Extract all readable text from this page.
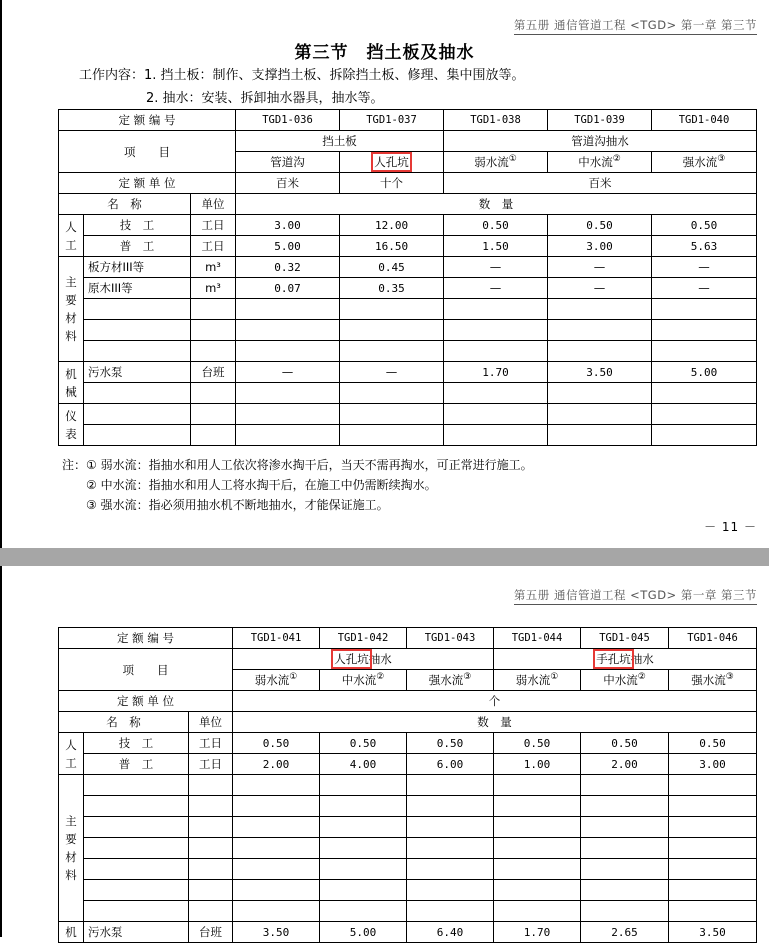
第五册 通信管道工程 <TGD> 第一章 第三节
第三节　挡土板及抽水
工作内容：1. 挡土板：制作、支撑挡土板、拆除挡土板、修理、集中围放等。
2. 抽水：安装、拆卸抽水器具，抽水等。
定 额 编 号			TGD1-036	TGD1-037	TGD1-038	TGD1-039	TGD1-040
项　　目			挡土板		管道沟抽水		
			管道沟	人孔坑	弱水流①	中水流②	强水流③
定 额 单 位			百米	十个	百米		
名　称		单位	数　量				
人
工	技　工	工日	3.00	12.00	0.50	0.50	0.50
	普　工	工日	5.00	16.50	1.50	3.00	5.63
主
要
材
料	板方材III等	m³	0.32	0.45	—	—	—
	原木III等	m³	0.07	0.35	—	—	—

机
械	污水泵	台班	—	—	1.70	3.50	5.00

仪
表							

注：① 弱水流：指抽水和用人工依次将渗水掏干后，当天不需再掏水，可正常进行施工。
② 中水流：指抽水和用人工将水掏干后，在施工中仍需断续掏水。
③ 强水流：指必须用抽水机不断地抽水，才能保证施工。
－ 11 －
第五册 通信管道工程 <TGD> 第一章 第三节
定 额 编 号			TGD1-041	TGD1-042	TGD1-043	TGD1-044	TGD1-045	TGD1-046
项　　目			人孔坑抽水			手孔坑抽水		
			弱水流①	中水流②	强水流③	弱水流①	中水流②	强水流③
定 额 单 位			个					
名　称		单位	数　量					
人
工	技　工	工日	0.50	0.50	0.50	0.50	0.50	0.50
	普　工	工日	2.00	4.00	6.00	1.00	2.00	3.00
主
要
材
料								

机	污水泵	台班	3.50	5.00	6.40	1.70	2.65	3.50
